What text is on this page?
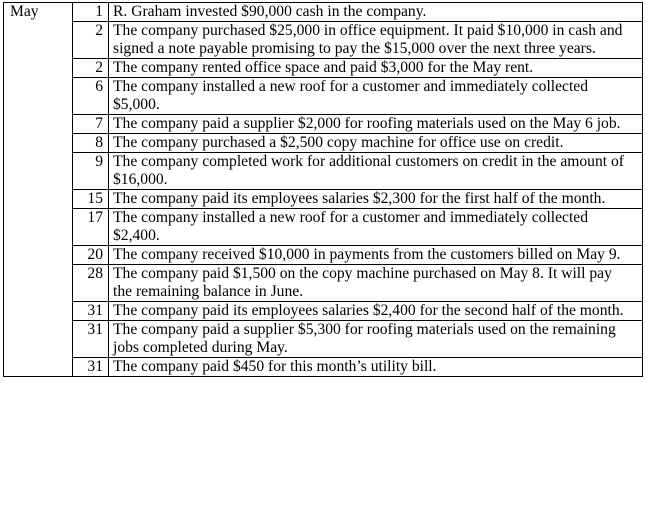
May	1	R. Graham invested $90,000 cash in the company.
	2	The company purchased $25,000 in office equipment. It paid $10,000 in cash and signed a note payable promising to pay the $15,000 over the next three years.
	2	The company rented office space and paid $3,000 for the May rent.
	6	The company installed a new roof for a customer and immediately collected $5,000.
	7	The company paid a supplier $2,000 for roofing materials used on the May 6 job.
	8	The company purchased a $2,500 copy machine for office use on credit.
	9	The company completed work for additional customers on credit in the amount of $16,000.
	15	The company paid its employees salaries $2,300 for the first half of the month.
	17	The company installed a new roof for a customer and immediately collected $2,400.
	20	The company received $10,000 in payments from the customers billed on May 9.
	28	The company paid $1,500 on the copy machine purchased on May 8. It will pay the remaining balance in June.
	31	The company paid its employees salaries $2,400 for the second half of the month.
	31	The company paid a supplier $5,300 for roofing materials used on the remaining jobs completed during May.
	31	The company paid $450 for this month’s utility bill.
